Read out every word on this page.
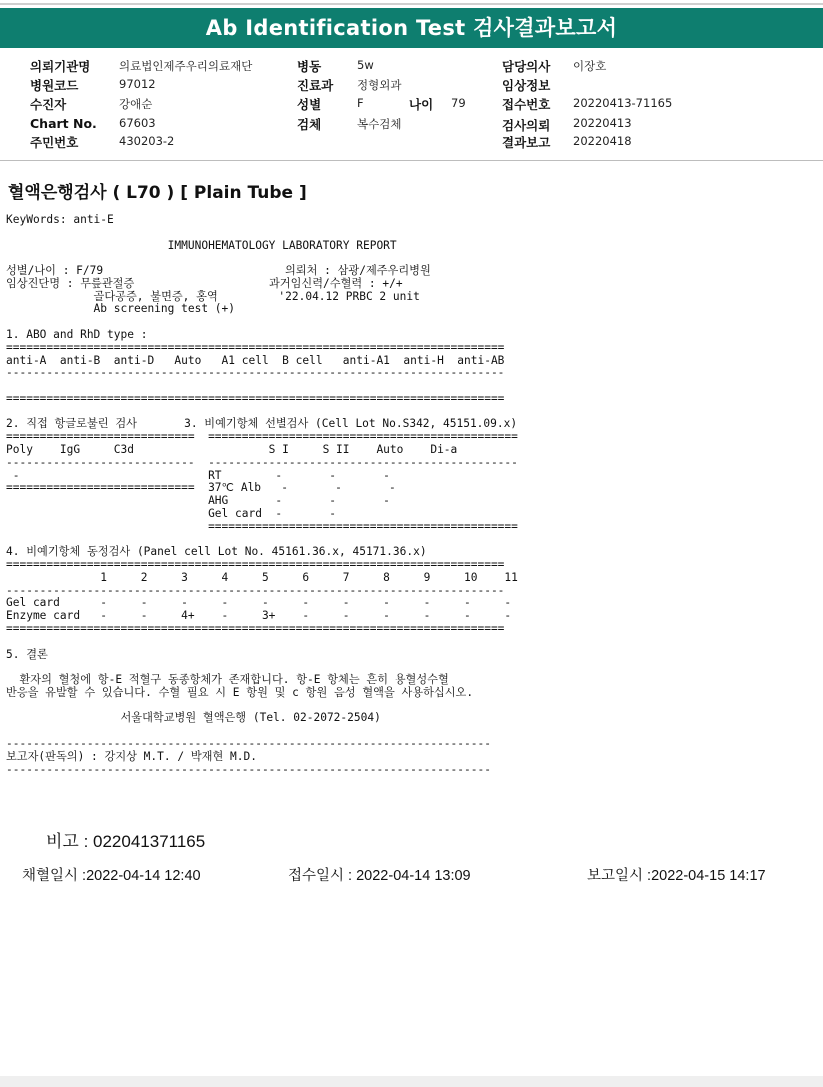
Ab Identification Test 검사결과보고서
의뢰기관명 의료법인제주우리의료재단
병원코드	97012
수진자	강애순
Chart No. 67603
주민번호	430203-2
병동	5w
진료과 정형외과
성별	F	나이 79
검체	복수검체
담당의사 이장호
임상정보
접수번호 20220413-71165
검사의뢰 20220413
결과보고 20220418
혈액은행검사 ( L70 ) [ Plain Tube ]
KeyWords: anti-E
IMMUNOHEMATOLOGY LABORATORY REPORT
성별/나이 : F/79                           의뢰처 : 삼광/제주우리병원
임상진단명 : 무릎관절증                    과거임신력/수혈력 : +/+
골다공증, 불면증, 홍역         '22.04.12 PRBC 2 unit
Ab screening test (+)
1. ABO and RhD type :
==========================================================================
anti-A  anti-B  anti-D   Auto   A1 cell  B cell   anti-A1  anti-H  anti-AB
--------------------------------------------------------------------------
==========================================================================
2. 직접 항글로불린 검사       3. 비예기항체 선별검사 (Cell Lot No.S342, 45151.09.x)
============================  ==============================================
Poly    IgG     C3d                    S I     S II    Auto    Di-a
----------------------------  ----------------------------------------------
-                            RT        -       -       -
============================  37℃ Alb   -       -       -
AHG       -       -       -
Gel card  -       -
==============================================
4. 비예기항체 동정검사 (Panel cell Lot No. 45161.36.x, 45171.36.x)
==========================================================================
1     2     3     4     5     6     7     8     9     10    11
--------------------------------------------------------------------------
Gel card      -     -     -     -     -     -     -     -     -     -     -
Enzyme card   -     -     4+    -     3+    -     -     -     -     -     -
==========================================================================
5. 결론
환자의 혈청에 항-E 적혈구 동종항체가 존재합니다. 항-E 항체는 흔히 용혈성수혈
반응을 유발할 수 있습니다. 수혈 필요 시 E 항원 및 c 항원 음성 혈액을 사용하십시오.
서울대학교병원 혈액은행 (Tel. 02-2072-2504)
------------------------------------------------------------------------
보고자(판독의) : 강지상 M.T. / 박재현 M.D.
------------------------------------------------------------------------
비고 : 022041371165
채혈일시 :2022-04-14 12:40	접수일시 : 2022-04-14 13:09	보고일시 :2022-04-15 14:17
